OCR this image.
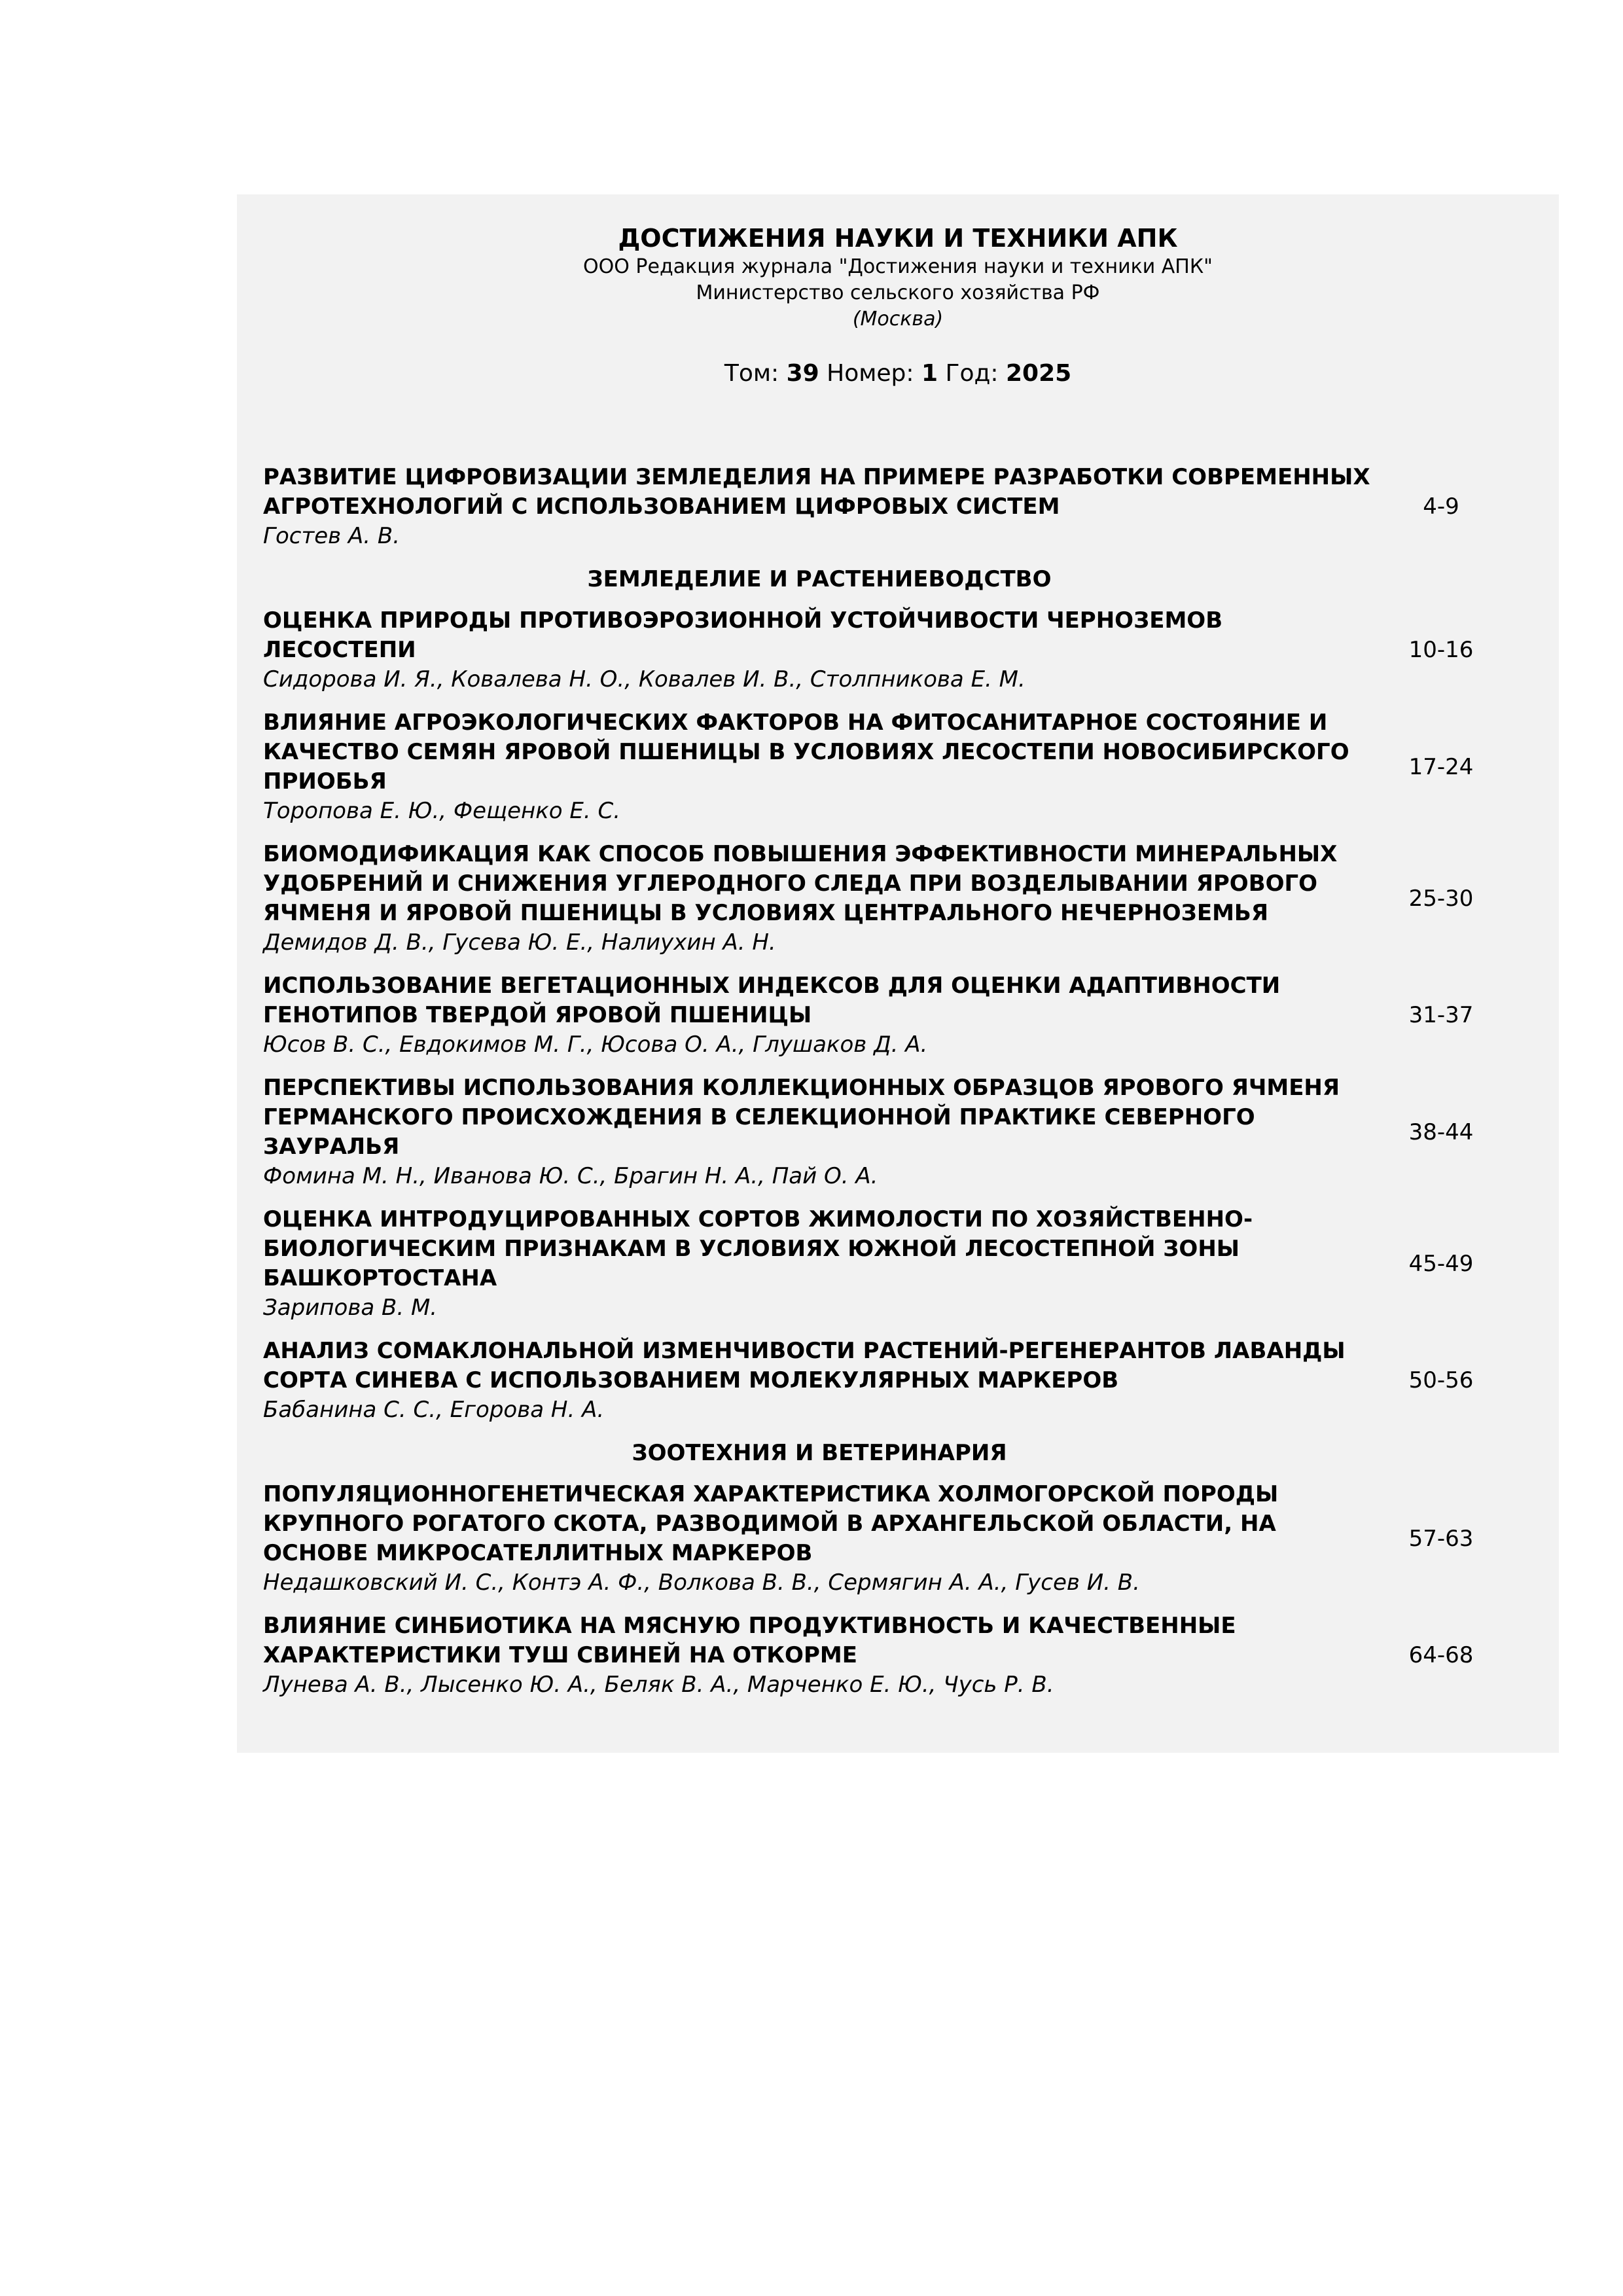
ДОСТИЖЕНИЯ НАУКИ И ТЕХНИКИ АПК
ООО Редакция журнала "Достижения науки и техники АПК"
Министерство сельского хозяйства РФ
(Москва)
Том: 39 Номер: 1 Год: 2025
РАЗВИТИЕ ЦИФРОВИЗАЦИИ ЗЕМЛЕДЕЛИЯ НА ПРИМЕРЕ РАЗРАБОТКИ СОВРЕМЕННЫХ АГРОТЕХНОЛОГИЙ С ИСПОЛЬЗОВАНИЕМ ЦИФРОВЫХ СИСТЕМ
Гостев А. В.
4-9
ЗЕМЛЕДЕЛИЕ И РАСТЕНИЕВОДСТВО
ОЦЕНКА ПРИРОДЫ ПРОТИВОЭРОЗИОННОЙ УСТОЙЧИВОСТИ ЧЕРНОЗЕМОВ ЛЕСОСТЕПИ
Сидорова И. Я., Ковалева Н. О., Ковалев И. В., Столпникова Е. М.
10-16
ВЛИЯНИЕ АГРОЭКОЛОГИЧЕСКИХ ФАКТОРОВ НА ФИТОСАНИТАРНОЕ СОСТОЯНИЕ И КАЧЕСТВО СЕМЯН ЯРОВОЙ ПШЕНИЦЫ В УСЛОВИЯХ ЛЕСОСТЕПИ НОВОСИБИРСКОГО ПРИОБЬЯ
Торопова Е. Ю., Фещенко Е. С.
17-24
БИОМОДИФИКАЦИЯ КАК СПОСОБ ПОВЫШЕНИЯ ЭФФЕКТИВНОСТИ МИНЕРАЛЬНЫХ УДОБРЕНИЙ И СНИЖЕНИЯ УГЛЕРОДНОГО СЛЕДА ПРИ ВОЗДЕЛЫВАНИИ ЯРОВОГО ЯЧМЕНЯ И ЯРОВОЙ ПШЕНИЦЫ В УСЛОВИЯХ ЦЕНТРАЛЬНОГО НЕЧЕРНОЗЕМЬЯ
Демидов Д. В., Гусева Ю. Е., Налиухин А. Н.
25-30
ИСПОЛЬЗОВАНИЕ ВЕГЕТАЦИОННЫХ ИНДЕКСОВ ДЛЯ ОЦЕНКИ АДАПТИВНОСТИ ГЕНОТИПОВ ТВЕРДОЙ ЯРОВОЙ ПШЕНИЦЫ
Юсов В. С., Евдокимов М. Г., Юсова О. А., Глушаков Д. А.
31-37
ПЕРСПЕКТИВЫ ИСПОЛЬЗОВАНИЯ КОЛЛЕКЦИОННЫХ ОБРАЗЦОВ ЯРОВОГО ЯЧМЕНЯ ГЕРМАНСКОГО ПРОИСХОЖДЕНИЯ В СЕЛЕКЦИОННОЙ ПРАКТИКЕ СЕВЕРНОГО ЗАУРАЛЬЯ
Фомина М. Н., Иванова Ю. С., Брагин Н. А., Пай О. А.
38-44
ОЦЕНКА ИНТРОДУЦИРОВАННЫХ СОРТОВ ЖИМОЛОСТИ ПО ХОЗЯЙСТВЕННО-БИОЛОГИЧЕСКИМ ПРИЗНАКАМ В УСЛОВИЯХ ЮЖНОЙ ЛЕСОСТЕПНОЙ ЗОНЫ БАШКОРТОСТАНА
Зарипова В. М.
45-49
АНАЛИЗ СОМАКЛОНАЛЬНОЙ ИЗМЕНЧИВОСТИ РАСТЕНИЙ-РЕГЕНЕРАНТОВ ЛАВАНДЫ СОРТА СИНЕВА С ИСПОЛЬЗОВАНИЕМ МОЛЕКУЛЯРНЫХ МАРКЕРОВ
Бабанина С. С., Егорова Н. А.
50-56
ЗООТЕХНИЯ И ВЕТЕРИНАРИЯ
ПОПУЛЯЦИОННОГЕНЕТИЧЕСКАЯ ХАРАКТЕРИСТИКА ХОЛМОГОРСКОЙ ПОРОДЫ КРУПНОГО РОГАТОГО СКОТА, РАЗВОДИМОЙ В АРХАНГЕЛЬСКОЙ ОБЛАСТИ, НА ОСНОВЕ МИКРОСАТЕЛЛИТНЫХ МАРКЕРОВ
Недашковский И. С., Контэ А. Ф., Волкова В. В., Сермягин А. А., Гусев И. В.
57-63
ВЛИЯНИЕ СИНБИОТИКА НА МЯСНУЮ ПРОДУКТИВНОСТЬ И КАЧЕСТВЕННЫЕ ХАРАКТЕРИСТИКИ ТУШ СВИНЕЙ НА ОТКОРМЕ
Лунева А. В., Лысенко Ю. А., Беляк В. А., Марченко Е. Ю., Чусь Р. В.
64-68
